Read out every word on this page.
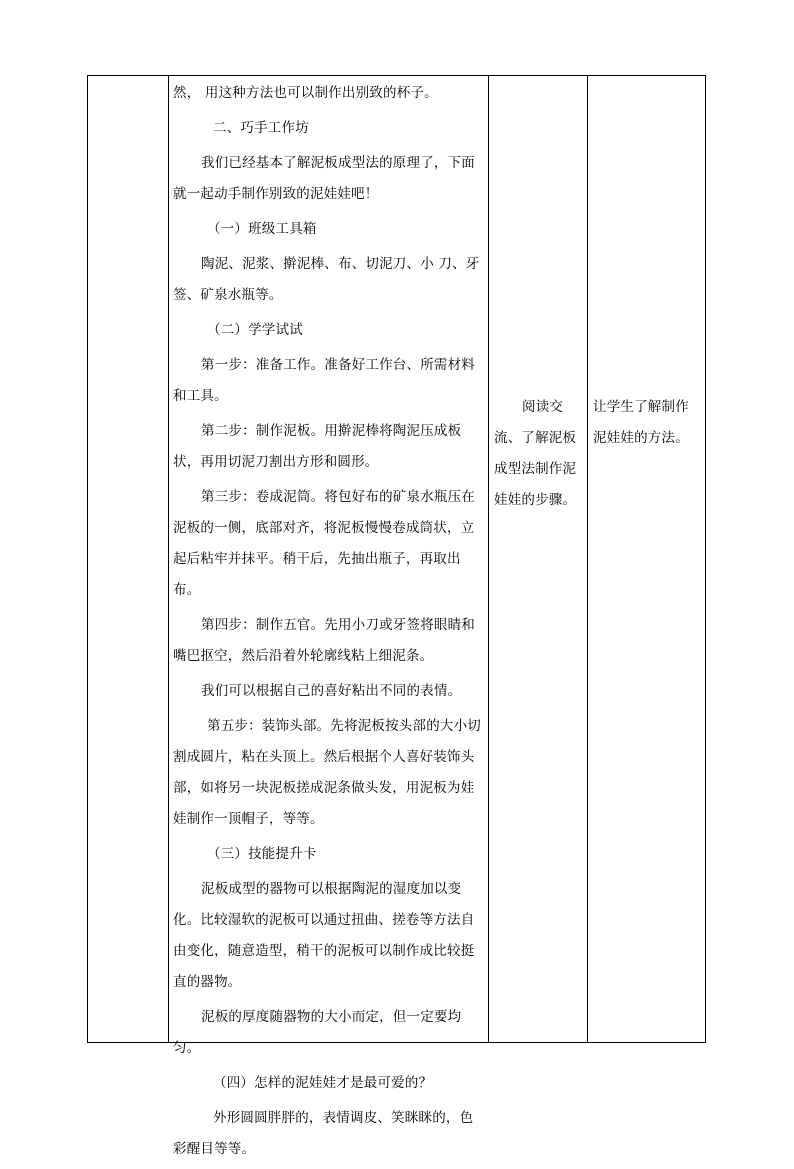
然， 用这种方法也可以制作出别致的杯子。

二、巧手工作坊

我们已经基本了解泥板成型法的原理了，下面就一起动手制作别致的泥娃娃吧！

（一）班级工具箱

陶泥、泥浆、擀泥棒、布、切泥刀、小 刀、牙签、矿泉水瓶等。

（二）学学试试

第一步：准备工作。准备好工作台、所需材料和工具。

第二步：制作泥板。用擀泥棒将陶泥压成板状，再用切泥刀割出方形和圆形。

第三步：卷成泥筒。将包好布的矿泉水瓶压在泥板的一侧，底部对齐，将泥板慢慢卷成筒状，立起后粘牢并抹平。稍干后，先抽出瓶子，再取出布。

第四步：制作五官。先用小刀或牙签将眼睛和嘴巴抠空，然后沿着外轮廓线粘上细泥条。

我们可以根据自己的喜好粘出不同的表情。

第五步：装饰头部。先将泥板按头部的大小切割成圆片，粘在头顶上。然后根据个人喜好装饰头部，如将另一块泥板搓成泥条做头发，用泥板为娃娃制作一顶帽子，等等。

（三）技能提升卡

泥板成型的器物可以根据陶泥的湿度加以变化。比较湿软的泥板可以通过扭曲、搓卷等方法自由变化，随意造型，稍干的泥板可以制作成比较挺直的器物。

泥板的厚度随器物的大小而定，但一定要均匀。

（四）怎样的泥娃娃才是最可爱的？

外形圆圆胖胖的，表情调皮、笑眯眯的，色彩醒目等等。

阅读交流、了解泥板成型法制作泥娃娃的步骤。

让学生了解制作泥娃娃的方法。
